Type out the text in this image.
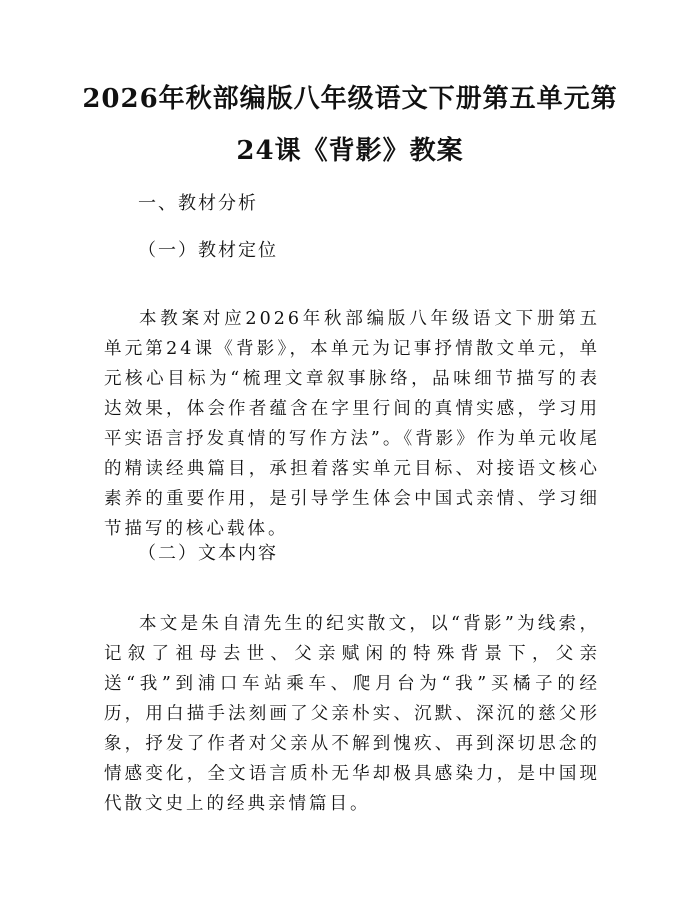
2026年秋部编版八年级语文下册第五单元第
24课《背影》教案
一、教材分析
（一）教材定位

本教案对应2026年秋部编版八年级语文下册第五单元第24课《背影》，本单元为记事抒情散文单元，单元核心目标为“梳理文章叙事脉络，品味细节描写的表达效果，体会作者蕴含在字里行间的真情实感，学习用平实语言抒发真情的写作方法”。《背影》作为单元收尾的精读经典篇目，承担着落实单元目标、对接语文核心素养的重要作用，是引导学生体会中国式亲情、学习细节描写的核心载体。

（二）文本内容

本文是朱自清先生的纪实散文，以“背影”为线索，记叙了祖母去世、父亲赋闲的特殊背景下，父亲送“我”到浦口车站乘车、爬月台为“我”买橘子的经历，用白描手法刻画了父亲朴实、沉默、深沉的慈父形象，抒发了作者对父亲从不解到愧疚、再到深切思念的情感变化，全文语言质朴无华却极具感染力，是中国现代散文史上的经典亲情篇目。
